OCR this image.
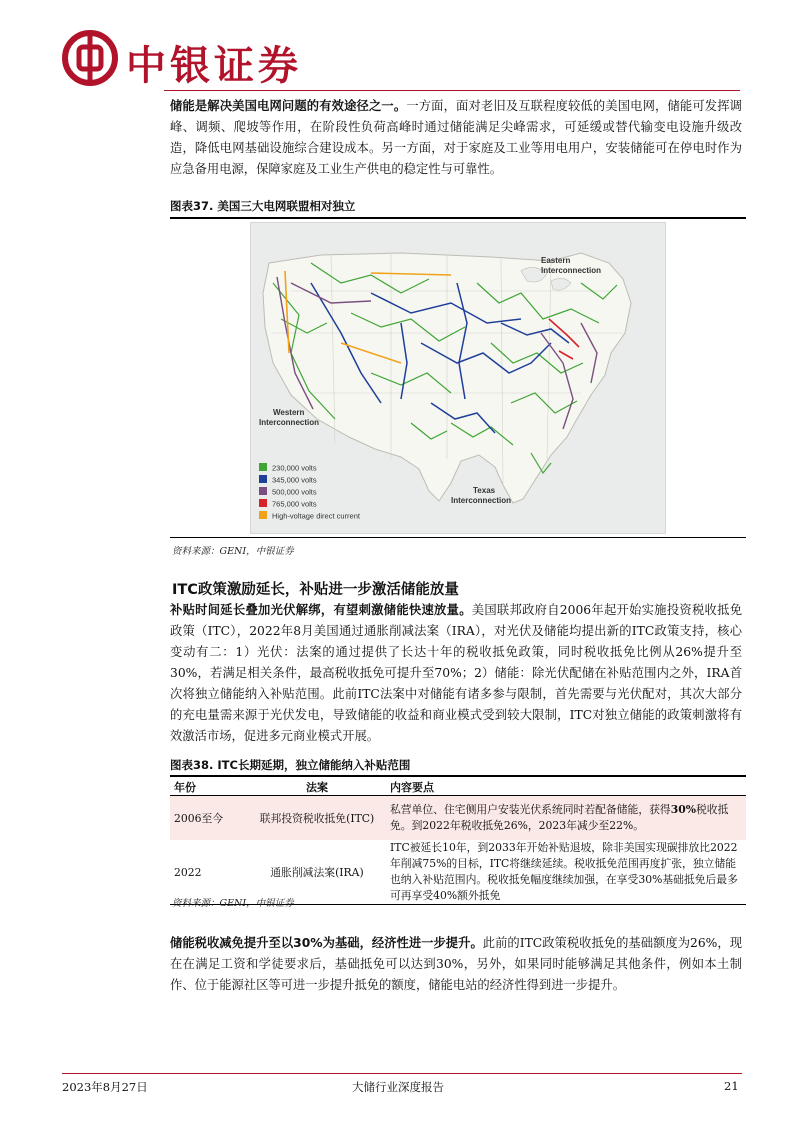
中银证券
储能是解决美国电网问题的有效途径之一。一方面，面对老旧及互联程度较低的美国电网，储能可发挥调峰、调频、爬坡等作用，在阶段性负荷高峰时通过储能满足尖峰需求，可延缓或替代输变电设施升级改造，降低电网基础设施综合建设成本。另一方面，对于家庭及工业等用电用户，安装储能可在停电时作为应急备用电源，保障家庭及工业生产供电的稳定性与可靠性。
图表37. 美国三大电网联盟相对独立
Eastern
Interconnection
Western
Interconnection
Texas
Interconnection
230,000 volts
345,000 volts
500,000 volts
765,000 volts
High-voltage direct current
资料来源：GENI，中银证券
ITC政策激励延长，补贴进一步激活储能放量
补贴时间延长叠加光伏解绑，有望刺激储能快速放量。美国联邦政府自2006年起开始实施投资税收抵免政策（ITC），2022年8月美国通过通胀削减法案（IRA），对光伏及储能均提出新的ITC政策支持，核心变动有二：1）光伏：法案的通过提供了长达十年的税收抵免政策，同时税收抵免比例从26%提升至30%，若满足相关条件，最高税收抵免可提升至70%；2）储能：除光伏配储在补贴范围内之外，IRA首次将独立储能纳入补贴范围。此前ITC法案中对储能有诸多参与限制，首先需要与光伏配对，其次大部分的充电量需来源于光伏发电，导致储能的收益和商业模式受到较大限制，ITC对独立储能的政策刺激将有效激活市场，促进多元商业模式开展。
图表38. ITC长期延期，独立储能纳入补贴范围
年份	法案	内容要点
2006至今	联邦投资税收抵免(ITC)	私营单位、住宅侧用户安装光伏系统同时若配备储能，获得30%税收抵免。到2022年税收抵免26%，2023年减少至22%。
2022	通胀削减法案(IRA)	ITC被延长10年，到2033年开始补贴退坡，除非美国实现碳排放比2022年削减75%的目标，ITC将继续延续。税收抵免范围再度扩张，独立储能也纳入补贴范围内。税收抵免幅度继续加强，在享受30%基础抵免后最多可再享受40%额外抵免
资料来源：GENI，中银证券
储能税收减免提升至以30%为基础，经济性进一步提升。此前的ITC政策税收抵免的基础额度为26%，现在在满足工资和学徒要求后，基础抵免可以达到30%，另外，如果同时能够满足其他条件，例如本土制作、位于能源社区等可进一步提升抵免的额度，储能电站的经济性得到进一步提升。
2023年8月27日	大储行业深度报告	21
